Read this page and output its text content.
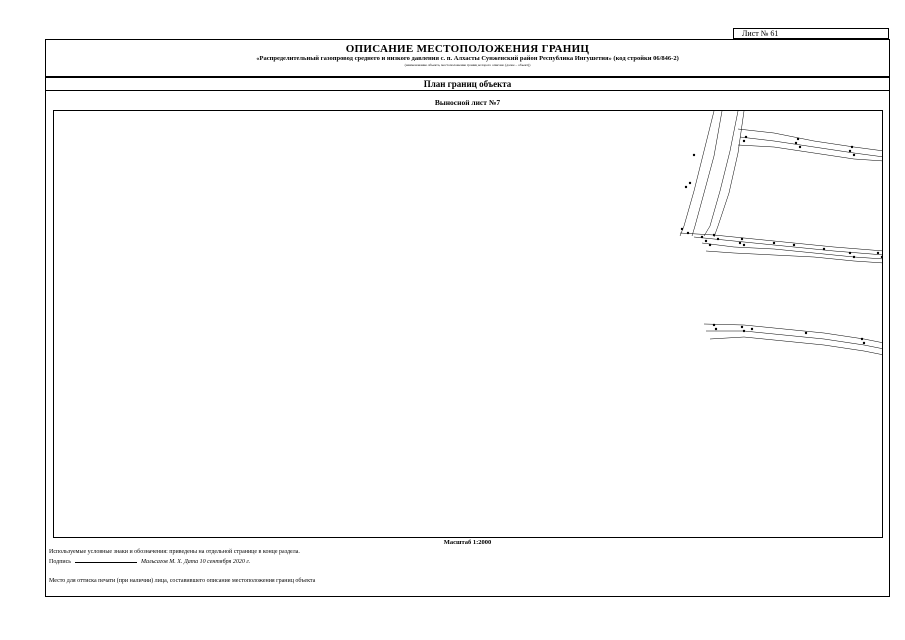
Лист № 61
ОПИСАНИЕ МЕСТОПОЛОЖЕНИЯ ГРАНИЦ
«Распределительный газопровод среднего и низкого давления с. п. Алхасты Сунженский район Республика Ингушетия» (код стройки 06/846-2)
(наименование объекта, местоположение границ которого описано (далее – объект))
План границ объекта
Выносной лист №7
Масштаб 1:2000
Используемые условные знаки и обозначения: приведены на отдельной странице в конце раздела.
Подпись	Мальсагов М. Х. Дата 10 сентября 2020 г.
Место для оттиска печати (при наличии) лица, составившего описание местоположения границ объекта
